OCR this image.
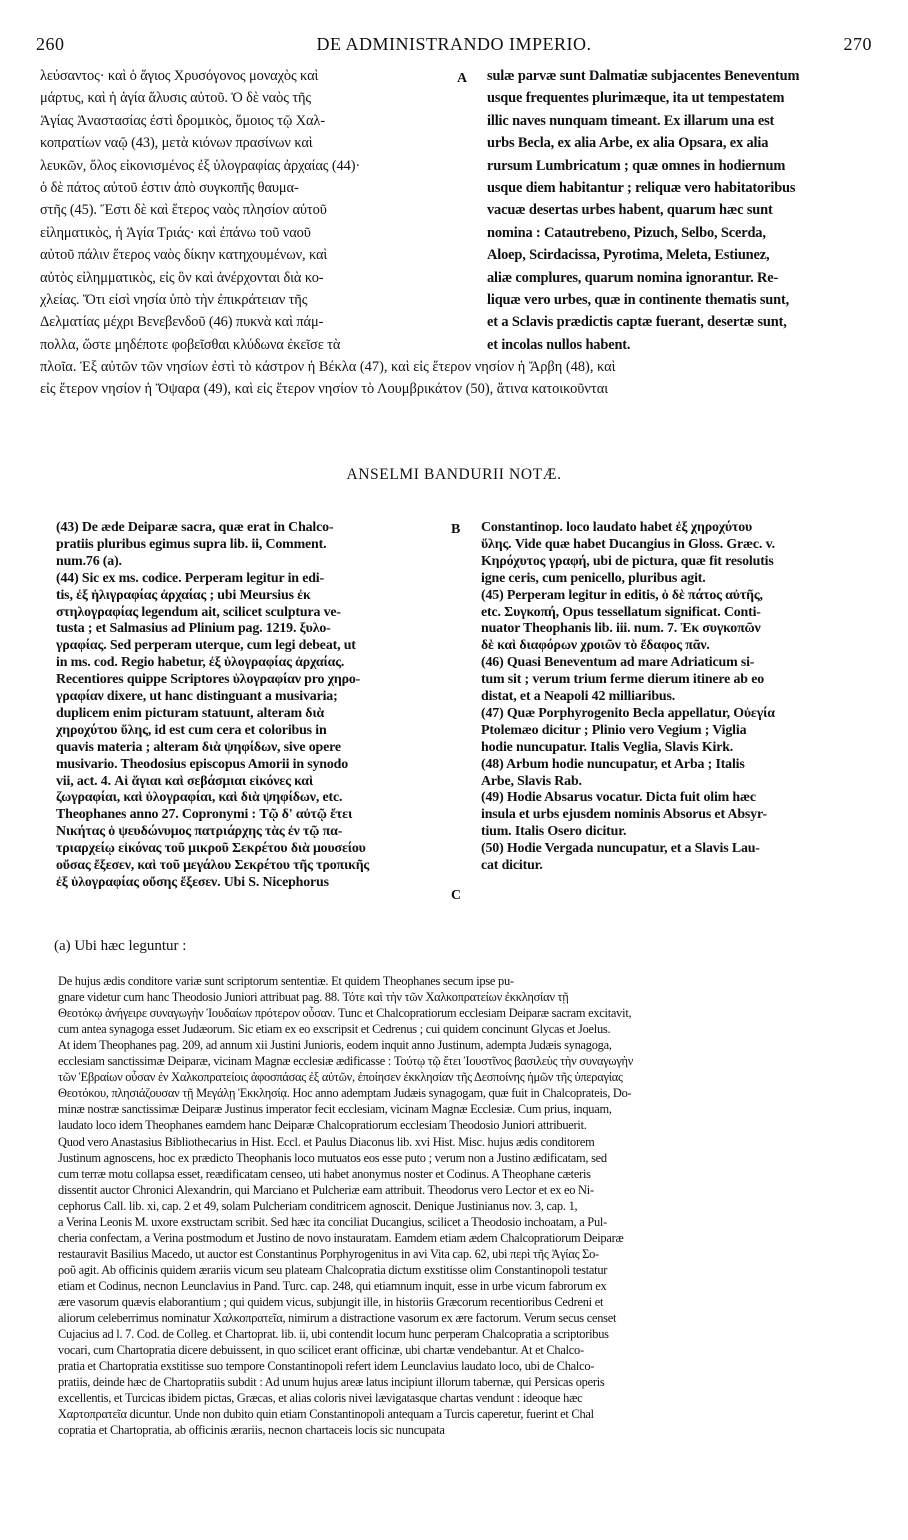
260	DE ADMINISTRANDO IMPERIO.	270
λεύσαντος· καὶ ὁ ἅγιος Χρυσόγονος μοναχὸς καὶ
μάρτυς, καὶ ἡ ἁγία ἅλυσις αὐτοῦ. Ὁ δὲ ναὸς τῆς
Ἁγίας Ἀναστασίας ἐστὶ δρομικὸς, ὅμοιος τῷ Χαλ-
κοπρατίων ναῷ (43), μετὰ κιόνων πρασίνων καὶ
λευκῶν, ὅλος εἰκονισμένος ἐξ ὑλογραφίας ἀρχαίας (44)·
ὁ δὲ πάτος αὐτοῦ ἐστιν ἀπὸ συγκοπῆς θαυμα-
στῆς (45). Ἔστι δὲ καὶ ἕτερος ναὸς πλησίον αὐτοῦ
εἰληματικὸς, ἡ Ἁγία Τριάς· καὶ ἐπάνω τοῦ ναοῦ
αὐτοῦ πάλιν ἕτερος ναὸς δίκην κατηχουμένων, καὶ
αὐτὸς εἰλημματικὸς, εἰς ὃν καὶ ἀνέρχονται διὰ κο-
χλείας. Ὅτι εἰσὶ νησία ὑπὸ τὴν ἐπικράτειαν τῆς
Δελματίας μέχρι Βενεβενδοῦ (46) πυκνὰ καὶ πάμ-
πολλα, ὥστε μηδέποτε φοβεῖσθαι κλύδωνα ἐκεῖσε τὰ
A sulæ parvæ sunt Dalmatiæ subjacentes Beneventum
usque frequentes plurimæque, ita ut tempestatem
illic naves nunquam timeant. Ex illarum una est
urbs Becla, ex alia Arbe, ex alia Opsara, ex alia
rursum Lumbricatum ; quæ omnes in hodiernum
usque diem habitantur ; reliquæ vero habitatoribus
vacuæ desertas urbes habent, quarum hæc sunt
nomina : Catautrebeno, Pizuch, Selbo, Scerda,
Aloep, Scirdacissa, Pyrotima, Meleta, Estiunez,
aliæ complures, quarum nomina ignorantur. Re-
liquæ vero urbes, quæ in continente thematis sunt,
et a Sclavis prædictis captæ fuerant, desertæ sunt,
et incolas nullos habent.
πλοῖα. Ἐξ αὐτῶν τῶν νησίων ἐστὶ τὸ κάστρον ἡ Βέκλα (47), καὶ εἰς ἕτερον νησίον ἡ Ἄρβη (48), καὶ
εἰς ἕτερον νησίον ἡ Ὄψαρα (49), καὶ εἰς ἕτερον νησίον τὸ Λουμβρικάτον (50), ἅτινα κατοικοῦνται
ANSELMI BANDURII NOTÆ.
(43) De æde Deiparæ sacra, quæ erat in Chalco-
pratiis pluribus egimus supra lib. ii, Comment.
num.76 (a).
(44) Sic ex ms. codice. Perperam legitur in edi-
tis, ἐξ ἡλιγραφίας ἀρχαίας ; ubi Meursius ἐκ
στηλογραφίας legendum ait, scilicet sculptura ve-
tusta ; et Salmasius ad Plinium pag. 1219. ξυλο-
γραφίας. Sed perperam uterque, cum legi debeat, ut
in ms. cod. Regio habetur, ἐξ ὑλογραφίας ἀρχαίας.
Recentiores quippe Scriptores ὑλογραφίαν pro χηρο-
γραφίαν dixere, ut hanc distinguant a musivaria;
duplicem enim picturam statuunt, alteram διὰ
χηροχύτου ὕλης, id est cum cera et coloribus in
quavis materia ; alteram διὰ ψηφίδων, sive opere
musivario. Theodosius episcopus Amorii in synodo
vii, act. 4. Αἱ ἅγιαι καὶ σεβάσμιαι εἰκόνες καὶ
ζωγραφίαι, καὶ ὑλογραφίαι, καὶ διὰ ψηφίδων, etc.
Theophanes anno 27. Copronymi : Τῷ δ' αὐτῷ ἔτει
Νικήτας ὁ ψευδώνυμος πατριάρχης τὰς ἐν τῷ πα-
τριαρχείῳ εἰκόνας τοῦ μικροῦ Σεκρέτου διὰ μουσείου
οὔσας ἔξεσεν, καὶ τοῦ μεγάλου Σεκρέτου τῆς τροπικῆς
ἐξ ὑλογραφίας οὔσης ἔξεσεν. Ubi S. Nicephorus
B
C
Constantinop. loco laudato habet ἐξ χηροχύτου
ὕλης. Vide quæ habet Ducangius in Gloss. Græc. v.
Κηρόχυτος γραφή, ubi de pictura, quæ fit resolutis
igne ceris, cum penicello, pluribus agit.
(45) Perperam legitur in editis, ὁ δὲ πάτος αὐτῆς,
etc. Συγκοπή, Opus tessellatum significat. Conti-
nuator Theophanis lib. iii. num. 7. Ἐκ συγκοπῶν
δὲ καὶ διαφόρων χροιῶν τὸ ἔδαφος πᾶν.
(46) Quasi Beneventum ad mare Adriaticum si-
tum sit ; verum trium ferme dierum itinere ab eo
distat, et a Neapoli 42 milliaribus.
(47) Quæ Porphyrogenito Becla appellatur, Οὐεγία
Ptolemæo dicitur ; Plinio vero Vegium ; Viglia
hodie nuncupatur. Italis Veglia, Slavis Kirk.
(48) Arbum hodie nuncupatur, et Arba ; Italis
Arbe, Slavis Rab.
(49) Hodie Absarus vocatur. Dicta fuit olim hæc
insula et urbs ejusdem nominis Absorus et Absyr-
tium. Italis Osero dicitur.
(50) Hodie Vergada nuncupatur, et a Slavis Lau-
cat dicitur.
(a) Ubi hæc leguntur :
De hujus ædis conditore variæ sunt scriptorum sententiæ. Et quidem Theophanes secum ipse pu-
gnare videtur cum hanc Theodosio Juniori attribuat pag. 88. Τότε καὶ τὴν τῶν Χαλκοπρατείων ἐκκλησίαν τῇ
Θεοτόκῳ ἀνήγειρε συναγωγὴν Ἰουδαίων πρότερον οὖσαν. Tunc et Chalcopratiorum ecclesiam Deiparæ sacram excitavit,
cum antea synagoga esset Judæorum. Sic etiam ex eo exscripsit et Cedrenus ; cui quidem concinunt Glycas et Joelus.
At idem Theophanes pag. 209, ad annum xii Justini Junioris, eodem inquit anno Justinum, adempta Judæis synagoga,
ecclesiam sanctissimæ Deiparæ, vicinam Magnæ ecclesiæ ædificasse : Τούτῳ τῷ ἔτει Ἰουστῖνος βασιλεὺς τὴν συναγωγὴν
τῶν Ἑβραίων οὖσαν ἐν Χαλκοπρατείοις ἀφοσπάσας ἐξ αὐτῶν, ἐποίησεν ἐκκλησίαν τῆς Δεσποίνης ἡμῶν τῆς ὑπεραγίας
Θεοτόκου, πλησιάζουσαν τῇ Μεγάλῃ Ἐκκλησίᾳ. Hoc anno ademptam Judæis synagogam, quæ fuit in Chalcoprateis, Do-
minæ nostræ sanctissimæ Deiparæ Justinus imperator fecit ecclesiam, vicinam Magnæ Ecclesiæ. Cum prius, inquam,
laudato loco idem Theophanes eamdem hanc Deiparæ Chalcopratiorum ecclesiam Theodosio Juniori attribuerit.
Quod vero Anastasius Bibliothecarius in Hist. Eccl. et Paulus Diaconus lib. xvi Hist. Misc. hujus ædis conditorem
Justinum agnoscens, hoc ex prædicto Theophanis loco mutuatos eos esse puto ; verum non a Justino ædificatam, sed
cum terræ motu collapsa esset, reædificatam censeo, uti habet anonymus noster et Codinus. A Theophane cæteris
dissentit auctor Chronici Alexandrin, qui Marciano et Pulcheriæ eam attribuit. Theodorus vero Lector et ex eo Ni-
cephorus Call. lib. xi, cap. 2 et 49, solam Pulcheriam conditricem agnoscit. Denique Justinianus nov. 3, cap. 1,
a Verina Leonis M. uxore exstructam scribit. Sed hæc ita conciliat Ducangius, scilicet a Theodosio inchoatam, a Pul-
cheria confectam, a Verina postmodum et Justino de novo instauratam. Eamdem etiam ædem Chalcopratiorum Deiparæ
restauravit Basilius Macedo, ut auctor est Constantinus Porphyrogenitus in avi Vita cap. 62, ubi περὶ τῆς Ἁγίας Σο-
ροῦ agit. Ab officinis quidem ærariis vicum seu plateam Chalcopratia dictum exstitisse olim Constantinopoli testatur
etiam et Codinus, necnon Leunclavius in Pand. Turc. cap. 248, qui etiamnum inquit, esse in urbe vicum fabrorum ex
ære vasorum quævis elaborantium ; qui quidem vicus, subjungit ille, in historiis Græcorum recentioribus Cedreni et
aliorum celeberrimus nominatur Χαλκοπρατεῖα, nimirum a distractione vasorum ex ære factorum. Verum secus censet
Cujacius ad l. 7. Cod. de Colleg. et Chartoprat. lib. ii, ubi contendit locum hunc perperam Chalcopratia a scriptoribus
vocari, cum Chartopratia dicere debuissent, in quo scilicet erant officinæ, ubi chartæ vendebantur. At et Chalco-
pratia et Chartopratia exstitisse suo tempore Constantinopoli refert idem Leunclavius laudato loco, ubi de Chalco-
pratiis, deinde hæc de Chartopratiis subdit : Ad unum hujus areæ latus incipiunt illorum tabernæ, qui Persicas operis
excellentis, et Turcicas ibidem pictas, Græcas, et alias coloris nivei lævigatasque chartas vendunt : ideoque hæc
Χαρτοπρατεῖα dicuntur. Unde non dubito quin etiam Constantinopoli antequam a Turcis caperetur, fuerint et Chal
copratia et Chartopratia, ab officinis ærariis, necnon chartaceis locis sic nuncupata
